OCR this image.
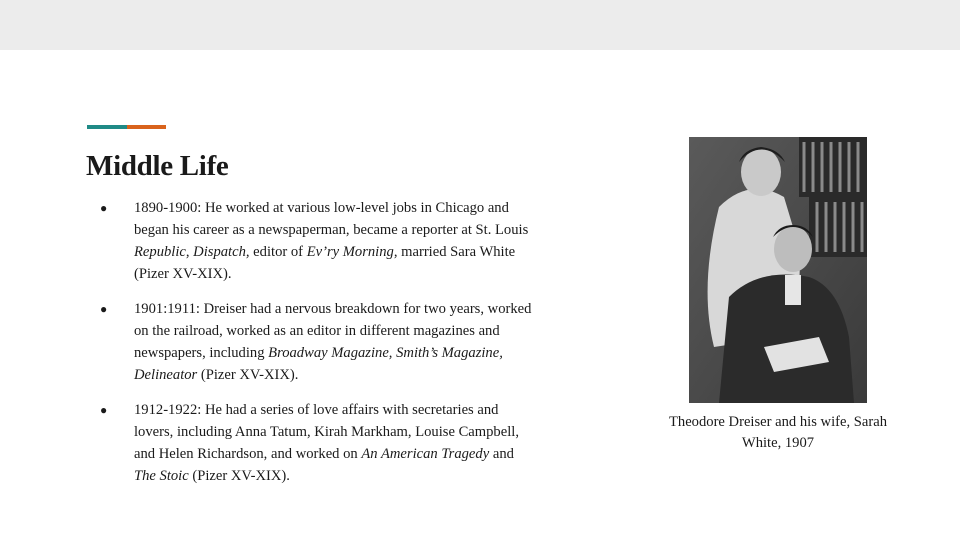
Middle Life
● 1890-1900: He worked at various low-level jobs in Chicago and began his career as a newspaperman, became a reporter at St. Louis Republic, Dispatch, editor of Ev’ry Morning, married Sara White (Pizer XV-XIX).
● 1901:1911: Dreiser had a nervous breakdown for two years, worked on the railroad, worked as an editor in different magazines and newspapers, including Broadway Magazine, Smith’s Magazine, Delineator (Pizer XV-XIX).
● 1912-1922: He had a series of love affairs with secretaries and lovers, including Anna Tatum, Kirah Markham, Louise Campbell, and Helen Richardson, and worked on An American Tragedy and The Stoic (Pizer XV-XIX).
Theodore Dreiser and his wife, Sarah White, 1907
